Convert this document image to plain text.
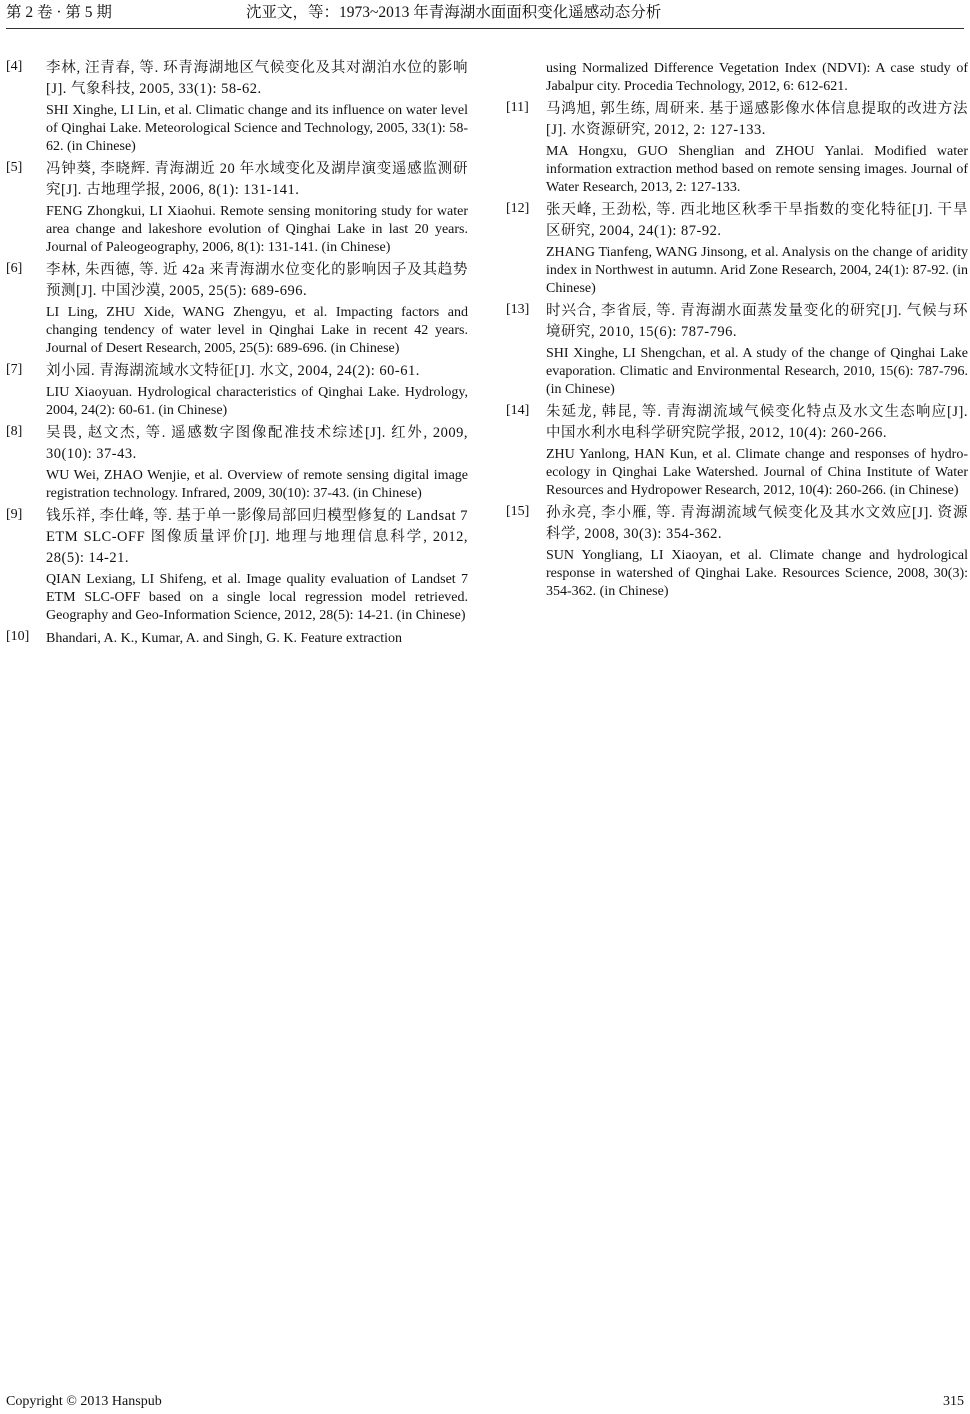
第 2 卷 · 第 5 期	沈亚文，等：1973~2013 年青海湖水面面积变化遥感动态分析
[4]	李林, 汪青春, 等. 环青海湖地区气候变化及其对湖泊水位的影响[J]. 气象科技, 2005, 33(1): 58-62.
SHI Xinghe, LI Lin, et al. Climatic change and its influence on water level of Qinghai Lake. Meteorological Science and Technology, 2005, 33(1): 58-62. (in Chinese)
[5]	冯钟葵, 李晓辉. 青海湖近 20 年水域变化及湖岸演变遥感监测研究[J]. 古地理学报, 2006, 8(1): 131-141.
FENG Zhongkui, LI Xiaohui. Remote sensing monitoring study for water area change and lakeshore evolution of Qinghai Lake in last 20 years. Journal of Paleogeography, 2006, 8(1): 131-141. (in Chinese)
[6]	李林, 朱西德, 等. 近 42a 来青海湖水位变化的影响因子及其趋势预测[J]. 中国沙漠, 2005, 25(5): 689-696.
LI Ling, ZHU Xide, WANG Zhengyu, et al. Impacting factors and changing tendency of water level in Qinghai Lake in recent 42 years. Journal of Desert Research, 2005, 25(5): 689-696. (in Chinese)
[7]	刘小园. 青海湖流域水文特征[J]. 水文, 2004, 24(2): 60-61.
LIU Xiaoyuan. Hydrological characteristics of Qinghai Lake. Hydrology, 2004, 24(2): 60-61. (in Chinese)
[8]	吴畏, 赵文杰, 等. 遥感数字图像配准技术综述[J]. 红外, 2009, 30(10): 37-43.
WU Wei, ZHAO Wenjie, et al. Overview of remote sensing digital image registration technology. Infrared, 2009, 30(10): 37-43. (in Chinese)
[9]	钱乐祥, 李仕峰, 等. 基于单一影像局部回归模型修复的 Landsat 7 ETM SLC-OFF 图像质量评价[J]. 地理与地理信息科学, 2012, 28(5): 14-21.
QIAN Lexiang, LI Shifeng, et al. Image quality evaluation of Landset 7 ETM SLC-OFF based on a single local regression model retrieved. Geography and Geo-Information Science, 2012, 28(5): 14-21. (in Chinese)
[10]	Bhandari, A. K., Kumar, A. and Singh, G. K. Feature extraction
using Normalized Difference Vegetation Index (NDVI): A case study of Jabalpur city. Procedia Technology, 2012, 6: 612-621.
[11]	马鸿旭, 郭生练, 周研来. 基于遥感影像水体信息提取的改进方法[J]. 水资源研究, 2012, 2: 127-133.
MA Hongxu, GUO Shenglian and ZHOU Yanlai. Modified water information extraction method based on remote sensing images. Journal of Water Research, 2013, 2: 127-133.
[12]	张天峰, 王劲松, 等. 西北地区秋季干旱指数的变化特征[J]. 干旱区研究, 2004, 24(1): 87-92.
ZHANG Tianfeng, WANG Jinsong, et al. Analysis on the change of aridity index in Northwest in autumn. Arid Zone Research, 2004, 24(1): 87-92. (in Chinese)
[13]	时兴合, 李省辰, 等. 青海湖水面蒸发量变化的研究[J]. 气候与环境研究, 2010, 15(6): 787-796.
SHI Xinghe, LI Shengchan, et al. A study of the change of Qinghai Lake evaporation. Climatic and Environmental Research, 2010, 15(6): 787-796. (in Chinese)
[14]	朱延龙, 韩昆, 等. 青海湖流域气候变化特点及水文生态响应[J]. 中国水利水电科学研究院学报, 2012, 10(4): 260-266.
ZHU Yanlong, HAN Kun, et al. Climate change and responses of hydro-ecology in Qinghai Lake Watershed. Journal of China Institute of Water Resources and Hydropower Research, 2012, 10(4): 260-266. (in Chinese)
[15]	孙永亮, 李小雁, 等. 青海湖流域气候变化及其水文效应[J]. 资源科学, 2008, 30(3): 354-362.
SUN Yongliang, LI Xiaoyan, et al. Climate change and hydrological response in watershed of Qinghai Lake. Resources Science, 2008, 30(3): 354-362. (in Chinese)
Copyright © 2013 Hanspub	315
